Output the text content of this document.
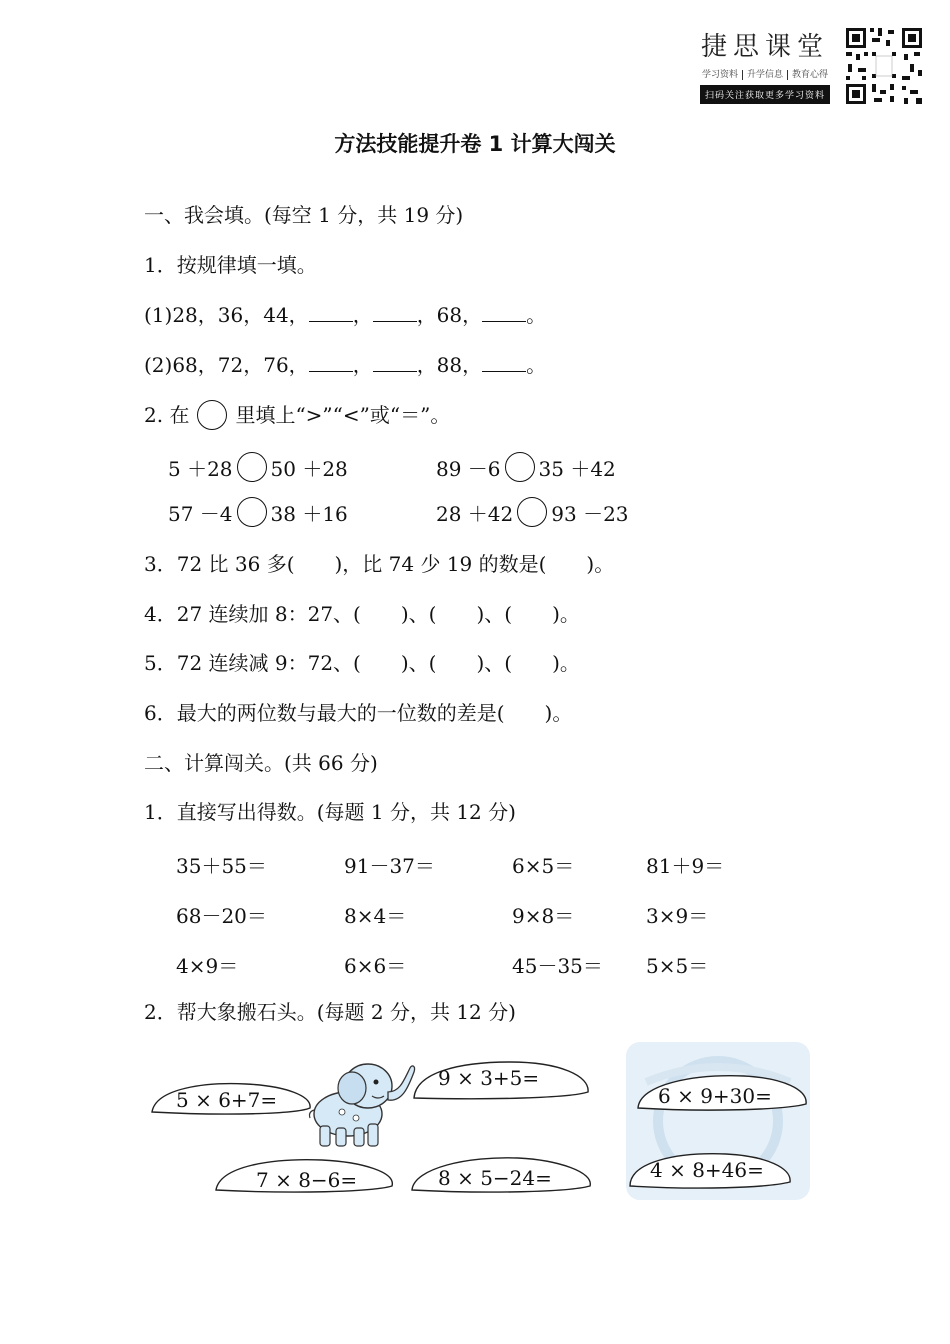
捷思课堂
学习资料 升学信息 教育心得
扫码关注获取更多学习资料
方法技能提升卷 1 计算大闯关
一、我会填。(每空 1 分，共 19 分)
1．按规律填一填。
(1)28，36，44， ， ，68， 。
(2)68，72，76， ， ，88， 。
2. 在 里填上“>”“<”或“＝”。
5 ＋28 50 ＋28	89 －6 35 ＋42
57 －4 38 ＋16	28 ＋42 93 －23
3．72 比 36 多(　　)，比 74 少 19 的数是(　　)。
4．27 连续加 8：27、(　　)、(　　)、(　　)。
5．72 连续减 9：72、(　　)、(　　)、(　　)。
6．最大的两位数与最大的一位数的差是(　　)。
二、计算闯关。(共 66 分)
1．直接写出得数。(每题 1 分，共 12 分)
35＋55＝	91－37＝	6×5＝	81＋9＝
68－20＝	8×4＝	9×8＝	3×9＝
4×9＝	6×6＝	45－35＝ 5×5＝
2．帮大象搬石头。(每题 2 分，共 12 分)
5 × 6+7=
9 × 3+5=
6 × 9+30=
7 × 8−6=	8 × 5−24=	4 × 8+46=
